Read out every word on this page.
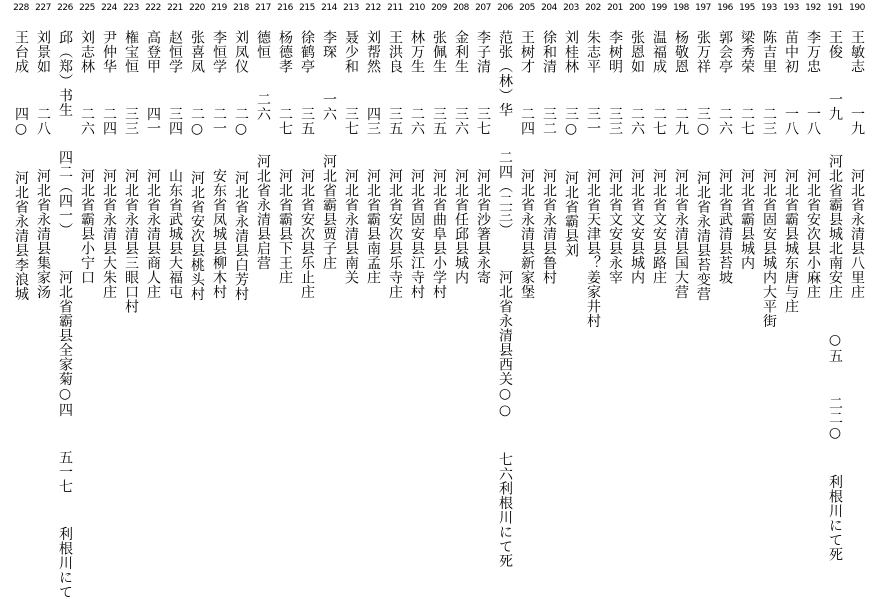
190
王敏志  一九  河北省永清县八里庄
191
王俊  一九  河北省霸县城北南安庄  ○五  二二○  利根川にて死
192
李万忠  一八  河北省安次县小麻庄
193
苗中初  一八  河北省霸县城东唐与庄
193
陈吉里  二三  河北省固安县城内大平街
195
梁秀荣  二七  河北省霸县城内
196
郭会亭  二六  河北省武清县苔坡
197
张万祥  三○  河北省永清县苔变营
198
杨敬恩  二九  河北省永清县国大营
199
温福成  二七  河北省文安县路庄
200
张恩如  二六  河北省文安县城内
201
李树明  三三  河北省文安县永宰
202
朱志平  三一  河北省天津县？姜家井村
203
刘桂林  三○  河北省霸县刘
204
徐和清  三二  河北省永清县鲁村
205
王树才  二四  河北省永清县新家堡
206
范张（林）华  二四（二三）  河北省永清县西关○○  七六利根川にて死
207
李子清  三七  河北省沙箸县永寄
208
金利生  三六  河北省任邱县城内
209
张佩生  三五  河北省曲阜县小学村
210
林万生  二六  河北省固安县江寺村
211
王洪良  三五  河北省安次县乐寺庄
212
刘帮然  四三  河北省霸县南孟庄
213
聂少和  三七  河北省永清县南关
214
李琛  一六  河北省霸县贾子庄
215
徐鹤亭  三五  河北省安次县乐止庄
216
杨德孝  二七  河北省霸县下王庄
217
德恒  二六  河北省永清县启营
218
刘凤仪  二○  河北省永清县白芳村
219
李恒学  二一  安东省凤城县柳木村
220
张喜凤  二○  河北省安次县桃头村
221
赵恒学  三四  山东省武城县大福屯
222
高登甲  四一  河北省永清县商人庄
223
権宝恒  三三  河北省永清县三眼口村
224
尹仲华  二四  河北省永清县大朱庄
225
刘志林  二六  河北省霸县小宁口
226
邱（郑）书生  四二（四一）  河北省霸县全家菊○四  五一七  利根川にて
227
刘景如  二八  河北省永清县集家汤
228
王台成  四○  河北省永清县李浪城
